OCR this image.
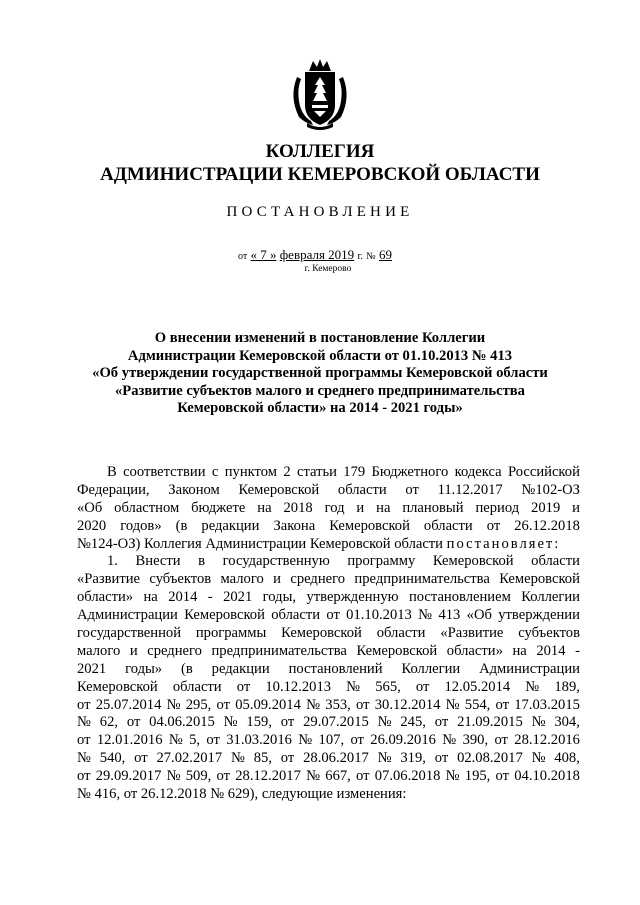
КОЛЛЕГИЯ
АДМИНИСТРАЦИИ КЕМЕРОВСКОЙ ОБЛАСТИ
ПОСТАНОВЛЕНИЕ
от « 7 » февраля 2019 г. № 69
г. Кемерово
О внесении изменений в постановление Коллегии
Администрации Кемеровской области от 01.10.2013 № 413
«Об утверждении государственной программы Кемеровской области
«Развитие субъектов малого и среднего предпринимательства
Кемеровской области» на 2014 - 2021 годы»
В соответствии с пунктом 2 статьи 179 Бюджетного кодекса Российской
Федерации, Законом Кемеровской области от 11.12.2017 №102-ОЗ
«Об областном бюджете на 2018 год и на плановый период 2019 и
2020 годов» (в редакции Закона Кемеровской области от 26.12.2018
№124-ОЗ) Коллегия Администрации Кемеровской области
постановляет:
1. Внести в государственную программу Кемеровской области
«Развитие субъектов малого и среднего предпринимательства Кемеровской
области» на 2014 - 2021 годы, утвержденную постановлением Коллегии
Администрации Кемеровской области от 01.10.2013 № 413 «Об утверждении
государственной программы Кемеровской области «Развитие субъектов
малого и среднего предпринимательства Кемеровской области» на 2014 -
2021 годы» (в редакции постановлений Коллегии Администрации
Кемеровской области от 10.12.2013 № 565, от 12.05.2014 № 189,
от 25.07.2014 № 295, от 05.09.2014 № 353, от 30.12.2014 № 554, от 17.03.2015
№ 62, от 04.06.2015 № 159, от 29.07.2015 № 245, от 21.09.2015 № 304,
от 12.01.2016 № 5, от 31.03.2016 № 107, от 26.09.2016 № 390, от 28.12.2016
№ 540, от 27.02.2017 № 85, от 28.06.2017 № 319, от 02.08.2017 № 408,
от 29.09.2017 № 509, от 28.12.2017 № 667, от 07.06.2018 № 195, от 04.10.2018
№ 416, от 26.12.2018 № 629), следующие изменения:
